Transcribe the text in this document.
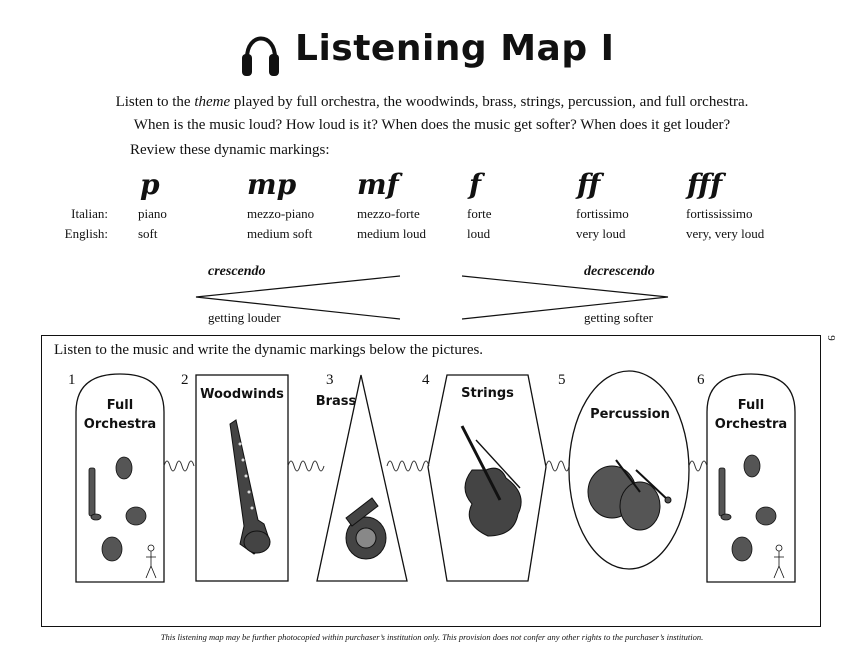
Listening Map I
Listen to the theme played by full orchestra, the woodwinds, brass, strings, percussion, and full orchestra.
When is the music loud? How loud is it? When does the music get softer? When does it get louder?
Review these dynamic markings:
p	mp mf	f	ff	fff
Italian: piano	mezzo-piano	mezzo-forte	forte	fortissimo	fortississimo
English: soft	medium soft	medium loud	loud	very loud	very, very loud
crescendo
getting louder
decrescendo
getting softer
9
Listen to the music and write the dynamic markings below the pictures.
1	2	3	4	5	6
Full
Orchestra
Woodwinds	Brass
Strings
Percussion
Full
Orchestra
This listening map may be further photocopied within purchaser’s institution only. This provision does not confer any other rights to the purchaser’s institution.
